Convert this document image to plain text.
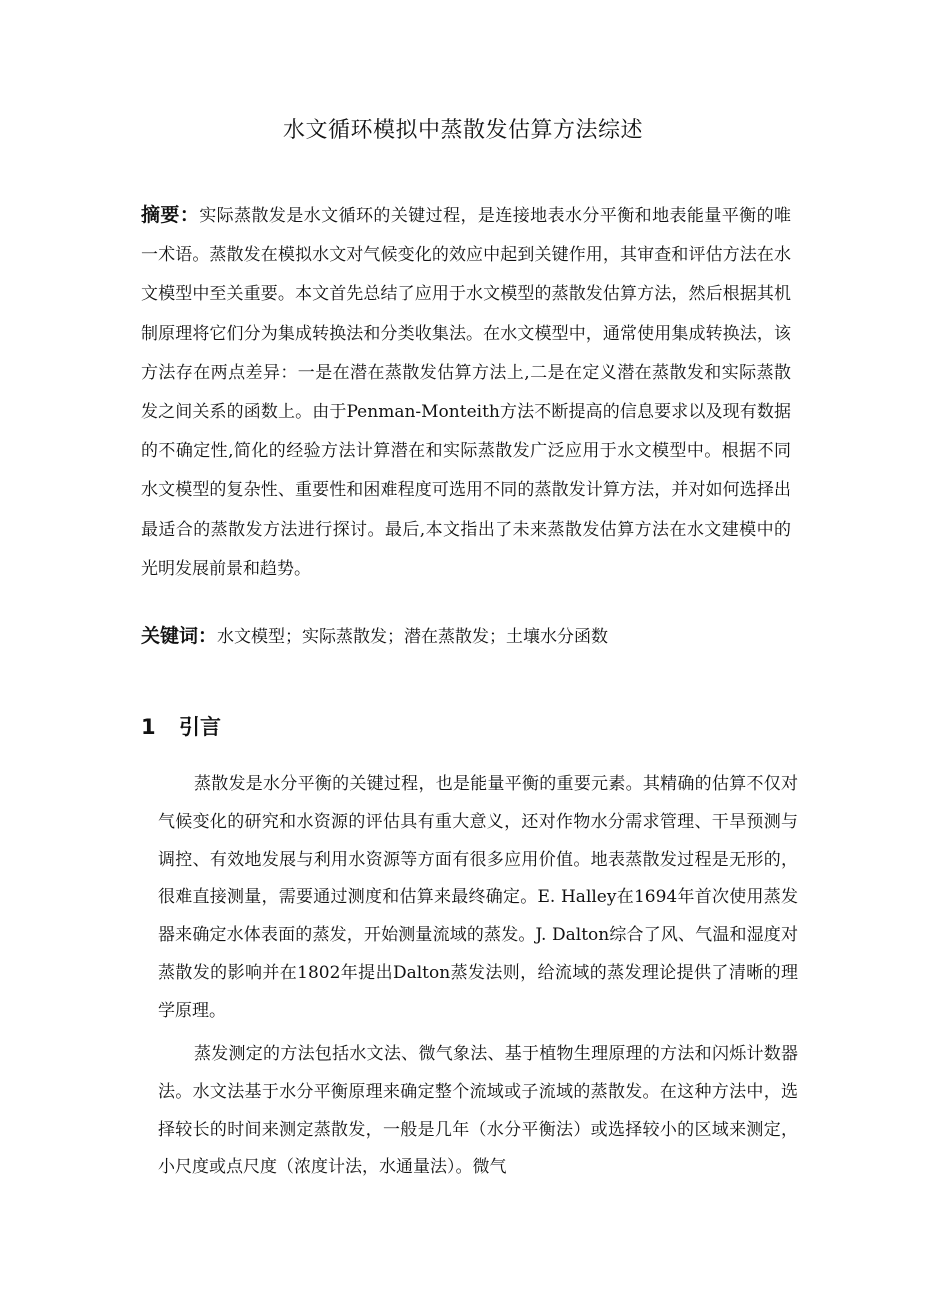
水文循环模拟中蒸散发估算方法综述

摘要：实际蒸散发是水文循环的关键过程，是连接地表水分平衡和地表能量平衡的唯一术语。蒸散发在模拟水文对气候变化的效应中起到关键作用，其审查和评估方法在水文模型中至关重要。本文首先总结了应用于水文模型的蒸散发估算方法，然后根据其机制原理将它们分为集成转换法和分类收集法。在水文模型中，通常使用集成转换法，该方法存在两点差异：一是在潜在蒸散发估算方法上,二是在定义潜在蒸散发和实际蒸散发之间关系的函数上。由于Penman-Monteith方法不断提高的信息要求以及现有数据的不确定性,简化的经验方法计算潜在和实际蒸散发广泛应用于水文模型中。根据不同水文模型的复杂性、重要性和困难程度可选用不同的蒸散发计算方法，并对如何选择出最适合的蒸散发方法进行探讨。最后,本文指出了未来蒸散发估算方法在水文建模中的光明发展前景和趋势。

关键词：水文模型；实际蒸散发；潜在蒸散发；土壤水分函数

1 引言

蒸散发是水分平衡的关键过程，也是能量平衡的重要元素。其精确的估算不仅对气候变化的研究和水资源的评估具有重大意义，还对作物水分需求管理、干旱预测与调控、有效地发展与利用水资源等方面有很多应用价值。地表蒸散发过程是无形的，很难直接测量，需要通过测度和估算来最终确定。E. Halley在1694年首次使用蒸发器来确定水体表面的蒸发，开始测量流域的蒸发。J. Dalton综合了风、气温和湿度对蒸散发的影响并在1802年提出Dalton蒸发法则，给流域的蒸发理论提供了清晰的理学原理。

蒸发测定的方法包括水文法、微气象法、基于植物生理原理的方法和闪烁计数器法。水文法基于水分平衡原理来确定整个流域或子流域的蒸散发。在这种方法中，选择较长的时间来测定蒸散发，一般是几年（水分平衡法）或选择较小的区域来测定，小尺度或点尺度（浓度计法，水通量法）。微气
